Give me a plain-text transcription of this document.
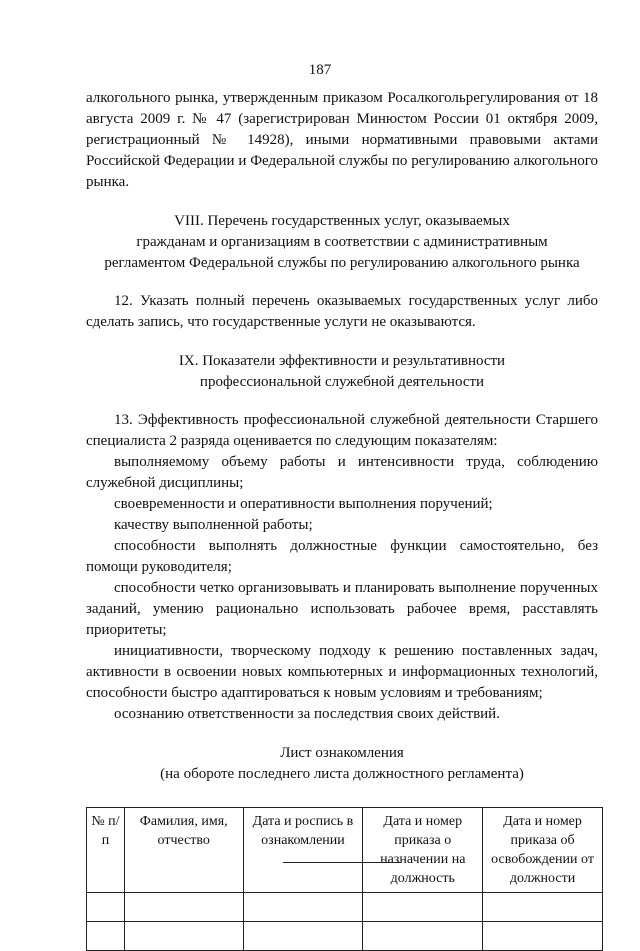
187

алкогольного рынка, утвержденным приказом Росалкогольрегулирования от 18

августа 2009 г. № 47 (зарегистрирован Минюстом России 01 октября 2009,

регистрационный № 14928), иными нормативными правовыми актами

Российской Федерации и Федеральной службы по регулированию алкогольного

рынка.

VIII. Перечень государственных услуг, оказываемых

гражданам и организациям в соответствии с административным

регламентом Федеральной службы по регулированию алкогольного рынка

12. Указать полный перечень оказываемых государственных услуг либо

сделать запись, что государственные услуги не оказываются.

IX. Показатели эффективности и результативности

профессиональной служебной деятельности

13. Эффективность профессиональной служебной деятельности Старшего

специалиста 2 разряда оценивается по следующим показателям:

выполняемому объему работы и интенсивности труда, соблюдению

служебной дисциплины;

своевременности и оперативности выполнения поручений;

качеству выполненной работы;

способности выполнять должностные функции самостоятельно, без

помощи руководителя;

способности четко организовывать и планировать выполнение порученных

заданий, умению рационально использовать рабочее время, расставлять

приоритеты;

инициативности, творческому подходу к решению поставленных задач,

активности в освоении новых компьютерных и информационных технологий,

способности быстро адаптироваться к новым условиям и требованиям;

осознанию ответственности за последствия своих действий.

Лист ознакомления

(на обороте последнего листа должностного регламента)

№ п/п	Фамилия, имя, отчество	Дата и роспись в ознакомлении	Дата и номер приказа о назначении на должность	Дата и номер приказа об освобождении от должности
